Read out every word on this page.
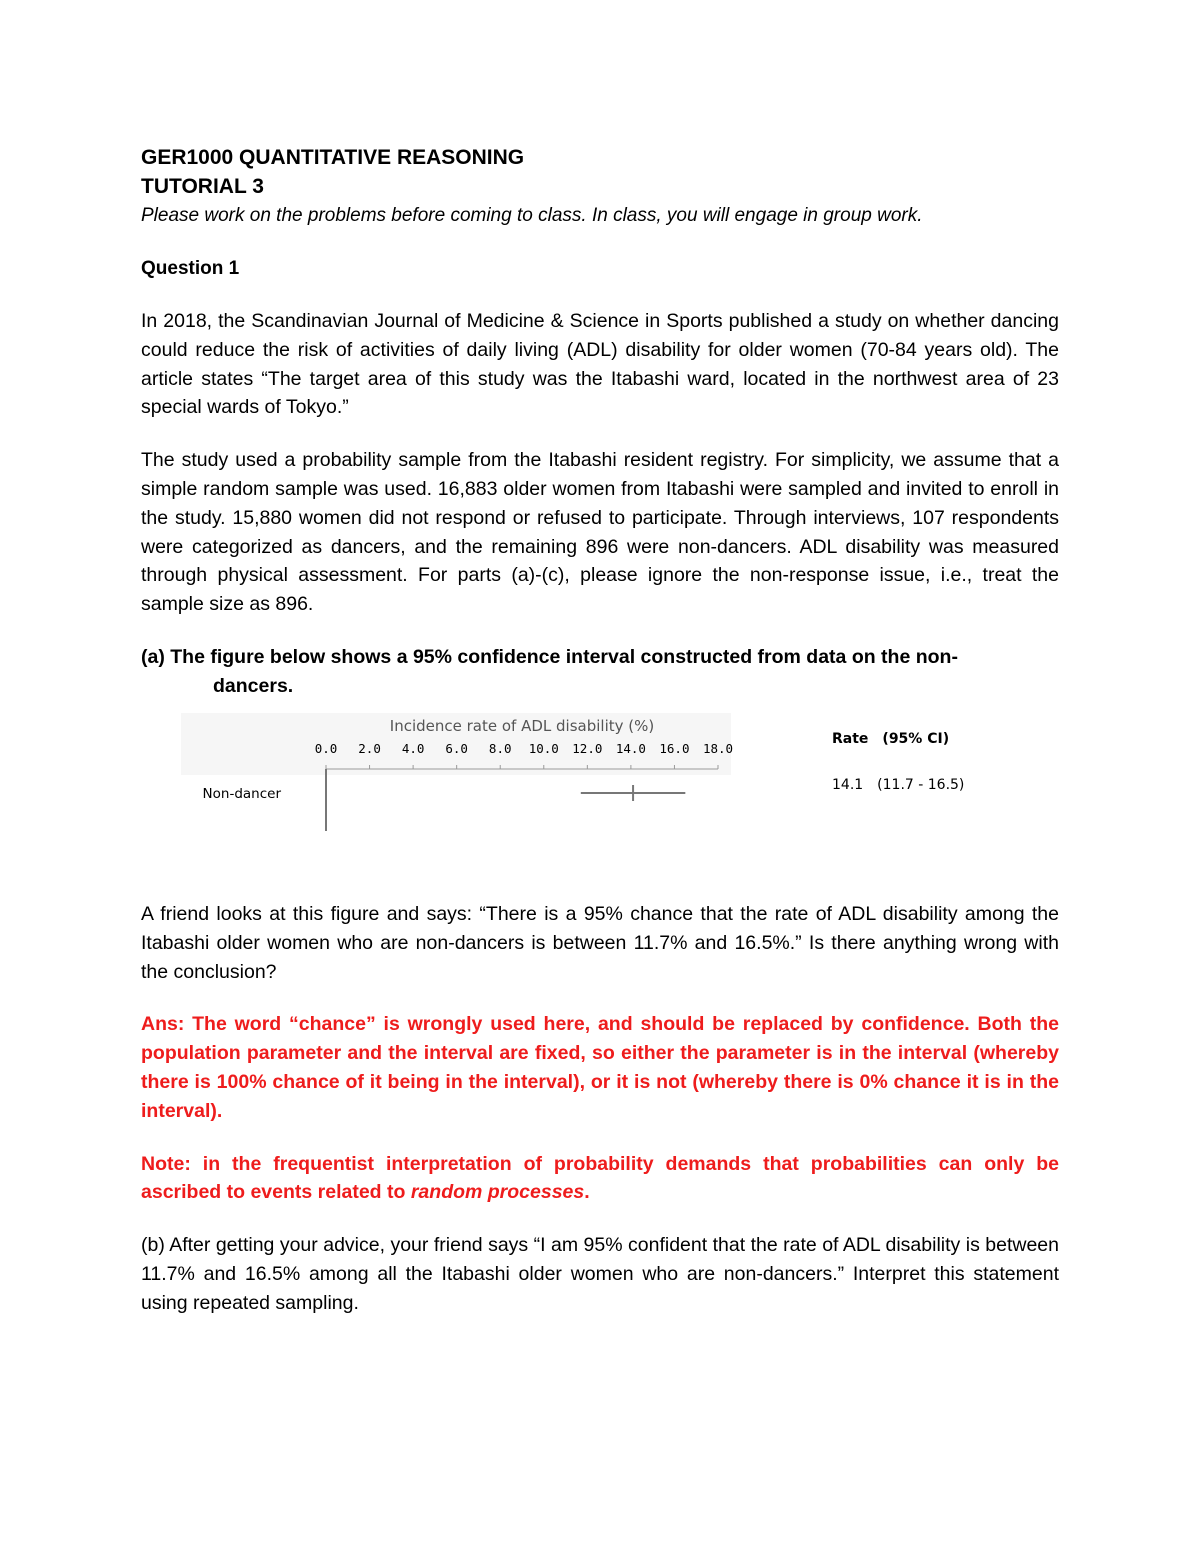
GER1000 QUANTITATIVE REASONING
TUTORIAL 3
Please work on the problems before coming to class. In class, you will engage in group work.
Question 1

In 2018, the Scandinavian Journal of Medicine & Science in Sports published a study on whether dancing could reduce the risk of activities of daily living (ADL) disability for older women (70-84 years old). The article states “The target area of this study was the Itabashi ward, located in the northwest area of 23 special wards of Tokyo.”

The study used a probability sample from the Itabashi resident registry. For simplicity, we assume that a simple random sample was used. 16,883 older women from Itabashi were sampled and invited to enroll in the study. 15,880 women did not respond or refused to participate. Through interviews, 107 respondents were categorized as dancers, and the remaining 896 were non-dancers. ADL disability was measured through physical assessment. For parts (a)-(c), please ignore the non-response issue, i.e., treat the sample size as 896.

(a) The figure below shows a 95% confidence interval constructed from data on the non-
dancers.
Incidence rate of ADL disability (%)
0.0 2.0 4.0 6.0 8.0 10.0 12.0 14.0 16.0 18.0
Non-dancer
Rate (95% CI)
14.1 (11.7 - 16.5)

A friend looks at this figure and says: “There is a 95% chance that the rate of ADL disability among the Itabashi older women who are non-dancers is between 11.7% and 16.5%.” Is there anything wrong with the conclusion?

Ans: The word “chance” is wrongly used here, and should be replaced by confidence. Both the population parameter and the interval are fixed, so either the parameter is in the interval (whereby there is 100% chance of it being in the interval), or it is not (whereby there is 0% chance it is in the interval).

Note: in the frequentist interpretation of probability demands that probabilities can only be ascribed to events related to random processes.

(b) After getting your advice, your friend says “I am 95% confident that the rate of ADL disability is between 11.7% and 16.5% among all the Itabashi older women who are non-dancers.” Interpret this statement using repeated sampling.
